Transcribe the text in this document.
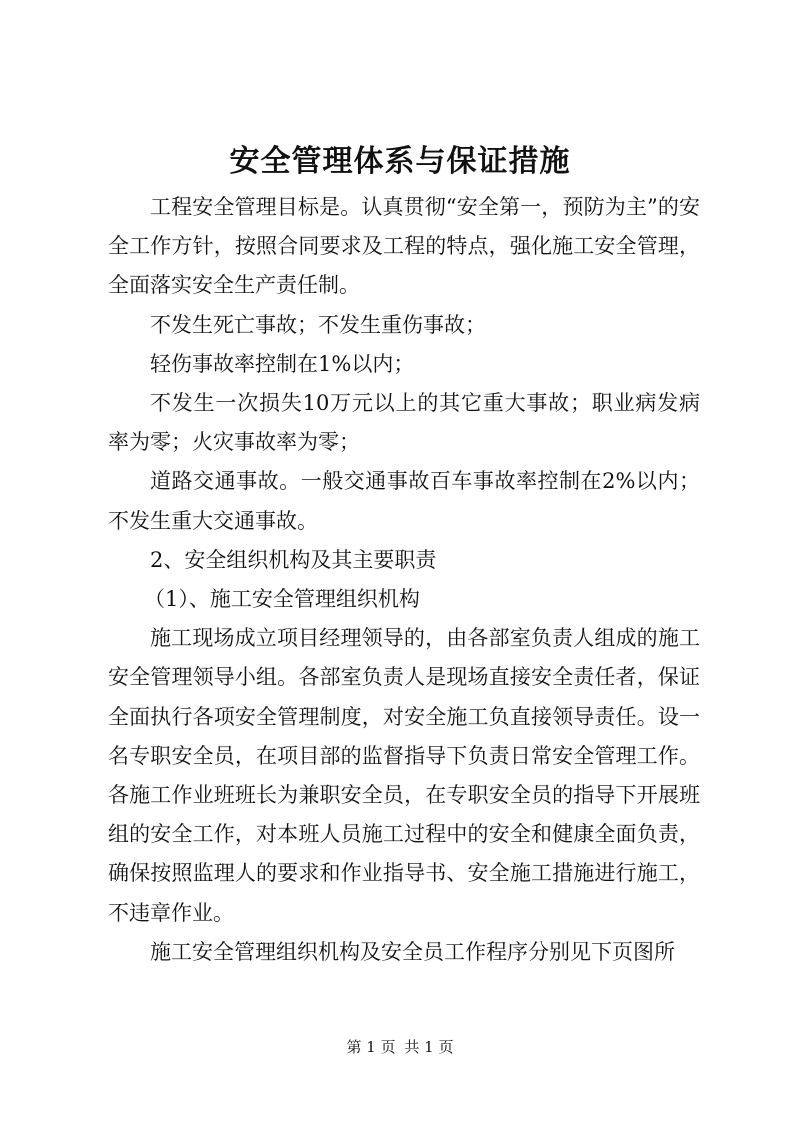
安全管理体系与保证措施

工程安全管理目标是。认真贯彻“安全第一，预防为主”的安全工作方针，按照合同要求及工程的特点，强化施工安全管理，全面落实安全生产责任制。

不发生死亡事故；不发生重伤事故；

轻伤事故率控制在1%以内；

不发生一次损失10万元以上的其它重大事故；职业病发病率为零；火灾事故率为零；

道路交通事故。一般交通事故百车事故率控制在2%以内；不发生重大交通事故。

2、安全组织机构及其主要职责

（1）、施工安全管理组织机构

施工现场成立项目经理领导的，由各部室负责人组成的施工安全管理领导小组。各部室负责人是现场直接安全责任者，保证全面执行各项安全管理制度，对安全施工负直接领导责任。设一名专职安全员，在项目部的监督指导下负责日常安全管理工作。各施工作业班班长为兼职安全员，在专职安全员的指导下开展班组的安全工作，对本班人员施工过程中的安全和健康全面负责，确保按照监理人的要求和作业指导书、安全施工措施进行施工，不违章作业。

施工安全管理组织机构及安全员工作程序分别见下页图所

第 1 页 共 1 页
